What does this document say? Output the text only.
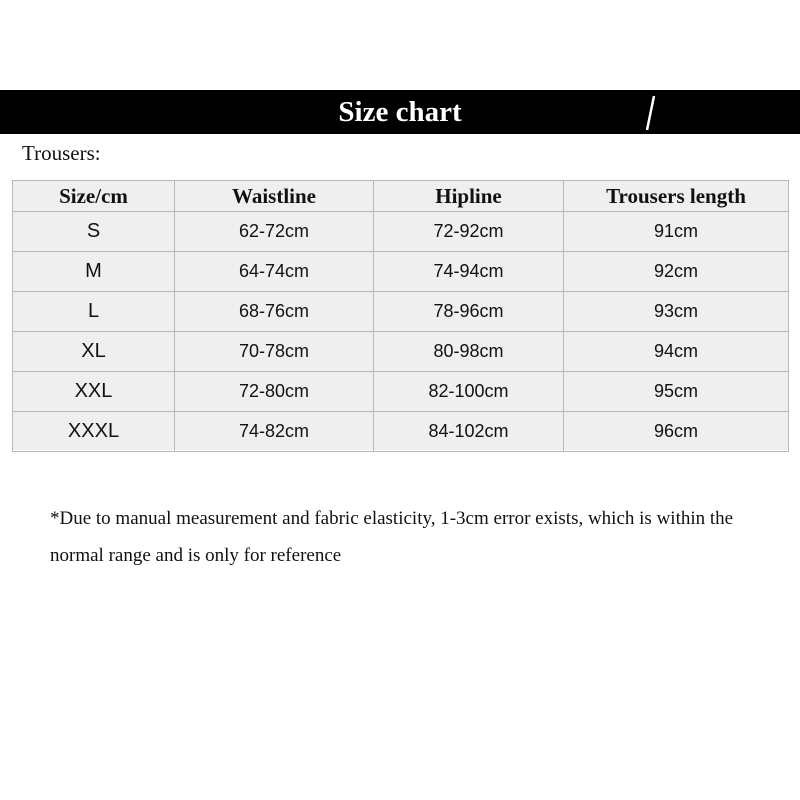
Size chart
Trousers:
Size/cm	Waistline	Hipline	Trousers length
S	62-72cm	72-92cm	91cm
M	64-74cm	74-94cm	92cm
L	68-76cm	78-96cm	93cm
XL	70-78cm	80-98cm	94cm
XXL	72-80cm	82-100cm	95cm
XXXL	74-82cm	84-102cm	96cm
*Due to manual measurement and fabric elasticity, 1-3cm error exists, which is within the normal range and is only for reference
